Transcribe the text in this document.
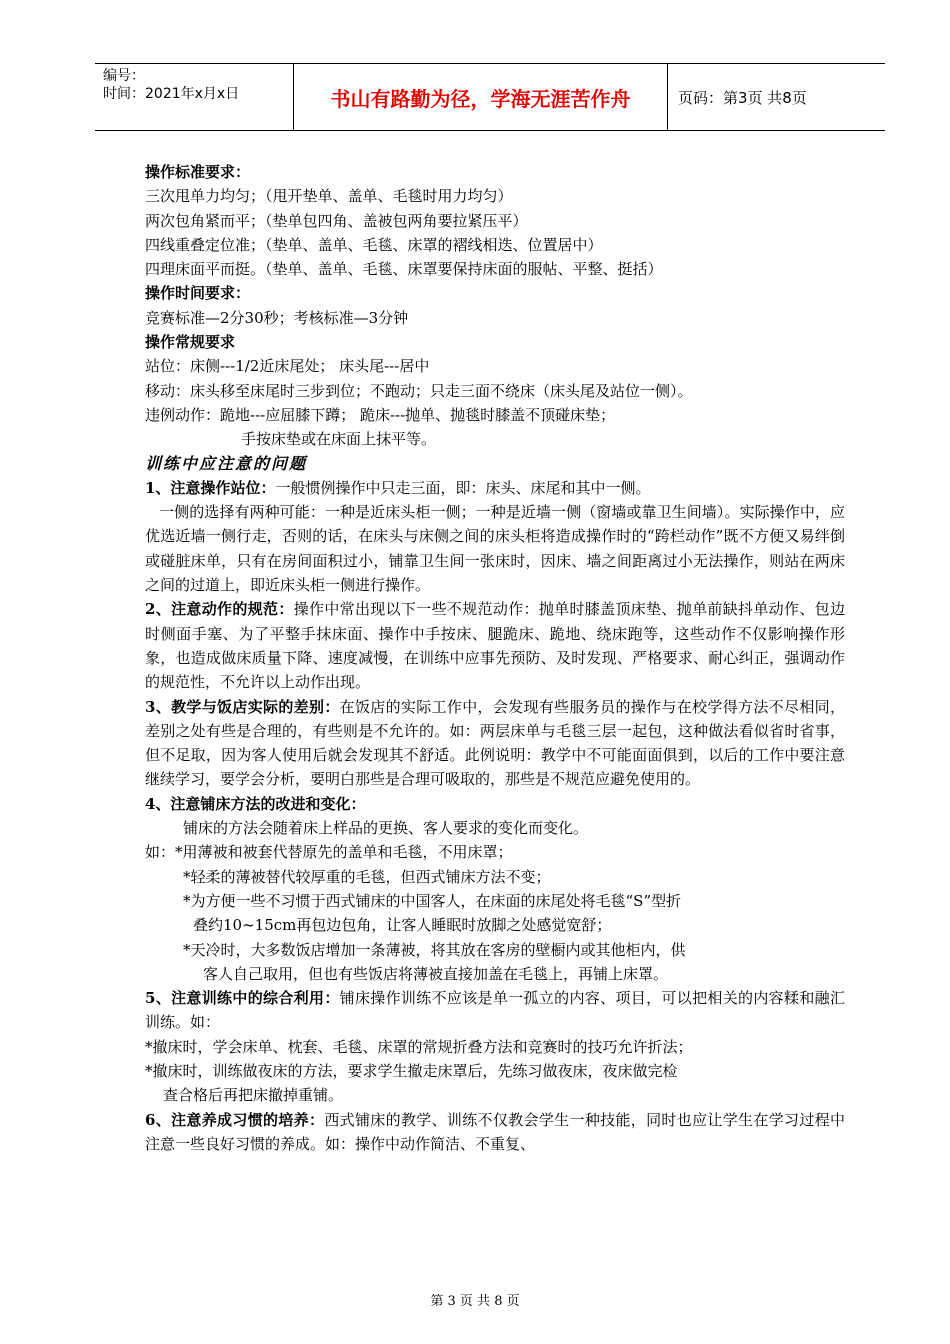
编号：
时间：2021年x月x日	书山有路勤为径，学海无涯苦作舟	页码：第3页 共8页

操作标准要求：

三次甩单力均匀；（甩开垫单、盖单、毛毯时用力均匀）

两次包角紧而平；（垫单包四角、盖被包两角要拉紧压平）

四线重叠定位准；（垫单、盖单、毛毯、床罩的褶线相迭、位置居中）

四理床面平而挺。（垫单、盖单、毛毯、床罩要保持床面的服帖、平整、挺括）

操作时间要求：

竞赛标准—2分30秒；考核标准—3分钟

操作常规要求

站位：床侧---1/2近床尾处； 床头尾---居中

移动：床头移至床尾时三步到位；不跑动；只走三面不绕床（床头尾及站位一侧）。

违例动作：跪地---应屈膝下蹲； 跪床---抛单、抛毯时膝盖不顶碰床垫；

手按床垫或在床面上抹平等。

训练中应注意的问题

1、注意操作站位：一般惯例操作中只走三面，即：床头、床尾和其中一侧。

一侧的选择有两种可能：一种是近床头柜一侧；一种是近墙一侧（窗墙或靠卫生间墙）。实际操作中，应优选近墙一侧行走，否则的话，在床头与床侧之间的床头柜将造成操作时的“跨栏动作”既不方便又易绊倒或碰脏床单，只有在房间面积过小，铺靠卫生间一张床时，因床、墙之间距离过小无法操作，则站在两床之间的过道上，即近床头柜一侧进行操作。

2、注意动作的规范：操作中常出现以下一些不规范动作：抛单时膝盖顶床垫、抛单前缺抖单动作、包边时侧面手塞、为了平整手抹床面、操作中手按床、腿跪床、跪地、绕床跑等，这些动作不仅影响操作形象，也造成做床质量下降、速度减慢，在训练中应事先预防、及时发现、严格要求、耐心纠正，强调动作的规范性，不允许以上动作出现。

3、教学与饭店实际的差别：在饭店的实际工作中，会发现有些服务员的操作与在校学得方法不尽相同，差别之处有些是合理的，有些则是不允许的。如：两层床单与毛毯三层一起包，这种做法看似省时省事，但不足取，因为客人使用后就会发现其不舒适。此例说明：教学中不可能面面俱到，以后的工作中要注意继续学习，要学会分析，要明白那些是合理可吸取的，那些是不规范应避免使用的。

4、注意铺床方法的改进和变化：

铺床的方法会随着床上样品的更换、客人要求的变化而变化。

如：*用薄被和被套代替原先的盖单和毛毯，不用床罩；

*轻柔的薄被替代较厚重的毛毯，但西式铺床方法不变；

*为方便一些不习惯于西式铺床的中国客人，在床面的床尾处将毛毯“S”型折

叠约10~15cm再包边包角，让客人睡眠时放脚之处感觉宽舒；

*天冷时，大多数饭店增加一条薄被，将其放在客房的壁橱内或其他柜内，供

客人自己取用，但也有些饭店将薄被直接加盖在毛毯上，再铺上床罩。

5、注意训练中的综合利用：铺床操作训练不应该是单一孤立的内容、项目，可以把相关的内容糅和融汇训练。如：

*撤床时，学会床单、枕套、毛毯、床罩的常规折叠方法和竞赛时的技巧允许折法；

*撤床时，训练做夜床的方法，要求学生撤走床罩后，先练习做夜床，夜床做完检

查合格后再把床撤掉重铺。

6、注意养成习惯的培养：西式铺床的教学、训练不仅教会学生一种技能，同时也应让学生在学习过程中注意一些良好习惯的养成。如：操作中动作简洁、不重复、

第 3 页 共 8 页
